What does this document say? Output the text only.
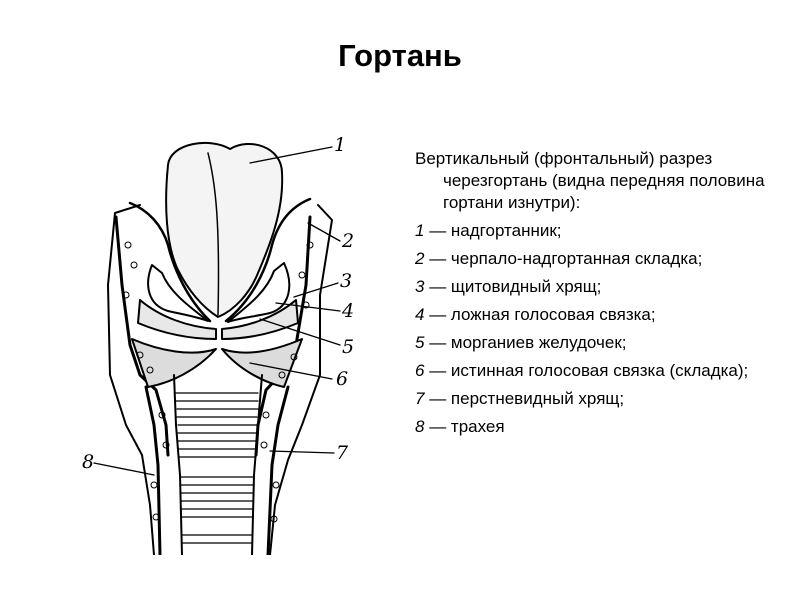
Гортань
1
2
3
4
5
6
7
8

Вертикальный (фронтальный) разрез черезгортань (видна передняя половина гортани изнутри):

1 — надгортанник;

2 — черпало-надгортанная складка;

3 — щитовидный хрящ;

4 — ложная голосовая связка;

5 — морганиев желудочек;

6 — истинная голосовая связка (складка);

7 — перстневидный хрящ;

8 — трахея
